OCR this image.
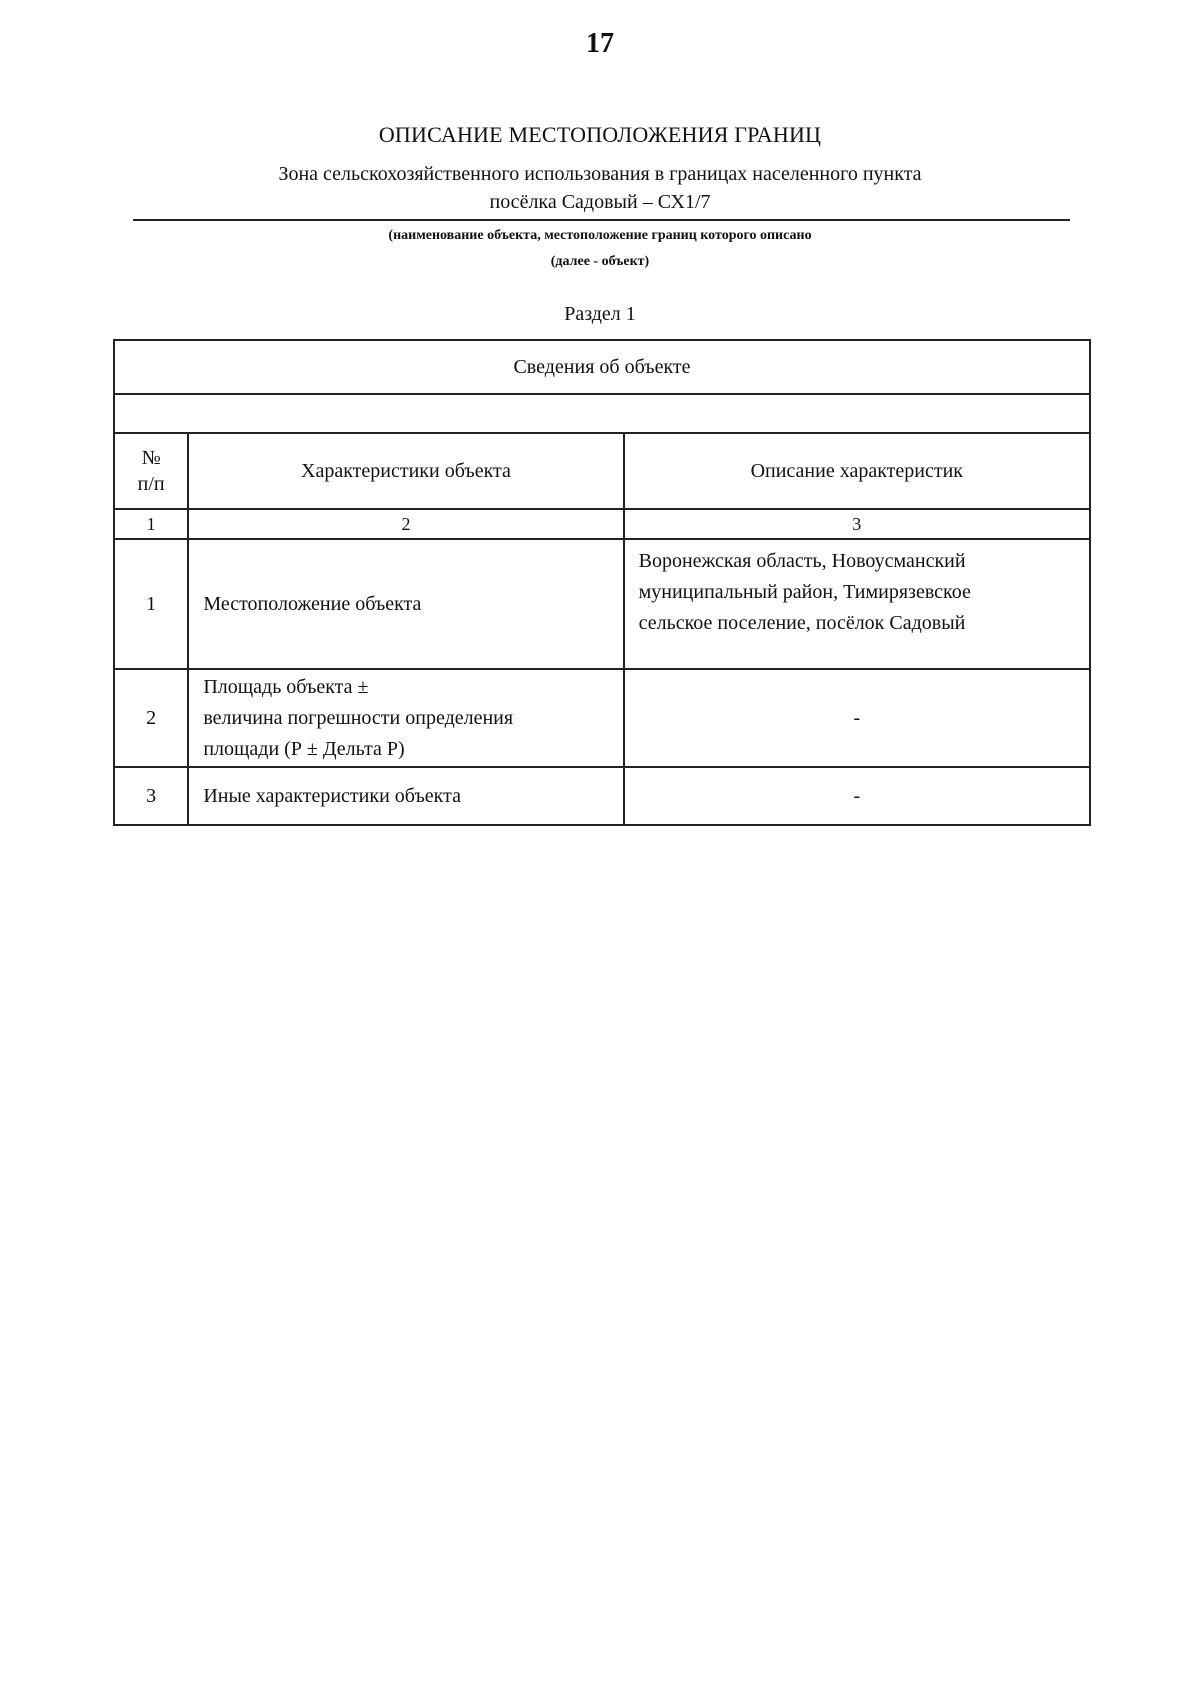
17
ОПИСАНИЕ МЕСТОПОЛОЖЕНИЯ ГРАНИЦ
Зона сельскохозяйственного использования в границах населенного пункта
посёлка Садовый – СХ1/7
(наименование объекта, местоположение границ которого описано
(далее - объект)
Раздел 1
Сведения об объекте		

№
п/п	Характеристики объекта	Описание характеристик
1	2	3
1	Местоположение объекта	Воронежская область, Новоусманский
муниципальный район, Тимирязевское
сельское поселение, посёлок Садовый

2	Площадь объекта ±
величина погрешности определения
площади (Р ± Дельта Р)	-

3	Иные характеристики объекта	-
